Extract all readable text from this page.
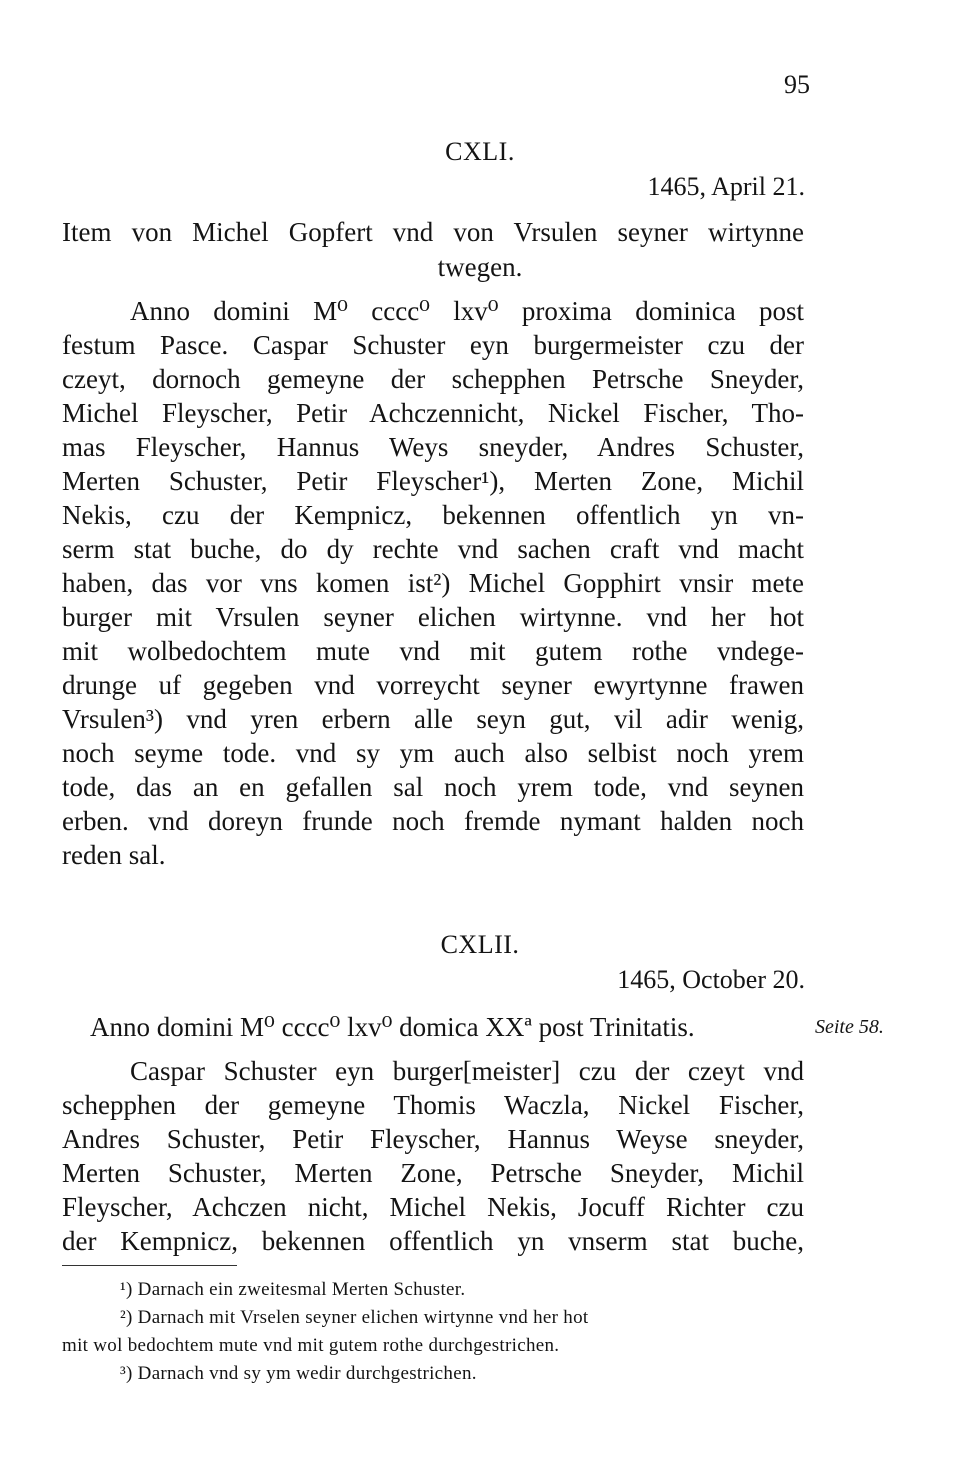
95
CXLI.
1465, April 21.
Item von Michel Gopfert vnd von Vrsulen seyner wirtynne
twegen.
Anno domini M⁰ cccc⁰ lxv⁰ proxima dominica post
festum Pasce. Caspar Schuster eyn burgermeister czu der
czeyt, dornoch gemeyne der schepphen Petrsche Sneyder,
Michel Fleyscher, Petir Achczennicht, Nickel Fischer, Tho-
mas Fleyscher, Hannus Weys sneyder, Andres Schuster,
Merten Schuster, Petir Fleyscher¹), Merten Zone, Michil
Nekis, czu der Kempnicz, bekennen offentlich yn vn-
serm stat buche, do dy rechte vnd sachen craft vnd macht
haben, das vor vns komen ist²) Michel Gopphirt vnsir mete
burger mit Vrsulen seyner elichen wirtynne. vnd her hot
mit wolbedochtem mute vnd mit gutem rothe vndege-
drunge uf gegeben vnd vorreycht seyner ewyrtynne frawen
Vrsulen³) vnd yren erbern alle seyn gut, vil adir wenig,
noch seyme tode. vnd sy ym auch also selbist noch yrem
tode, das an en gefallen sal noch yrem tode, vnd seynen
erben. vnd doreyn frunde noch fremde nymant halden noch
reden sal.
CXLII.
1465, October 20.
Anno domini M⁰ cccc⁰ lxv⁰ domica XXª post Trinitatis.	Seite 58.
Caspar Schuster eyn burger[meister] czu der czeyt vnd
schepphen der gemeyne Thomis Waczla, Nickel Fischer,
Andres Schuster, Petir Fleyscher, Hannus Weyse sneyder,
Merten Schuster, Merten Zone, Petrsche Sneyder, Michil
Fleyscher, Achczen nicht, Michel Nekis, Jocuff Richter czu
der Kempnicz, bekennen offentlich yn vnserm stat buche,
¹) Darnach ein zweitesmal Merten Schuster.
²) Darnach mit Vrselen seyner elichen wirtynne vnd her hot
mit wol bedochtem mute vnd mit gutem rothe durchgestrichen.
³) Darnach vnd sy ym wedir durchgestrichen.
